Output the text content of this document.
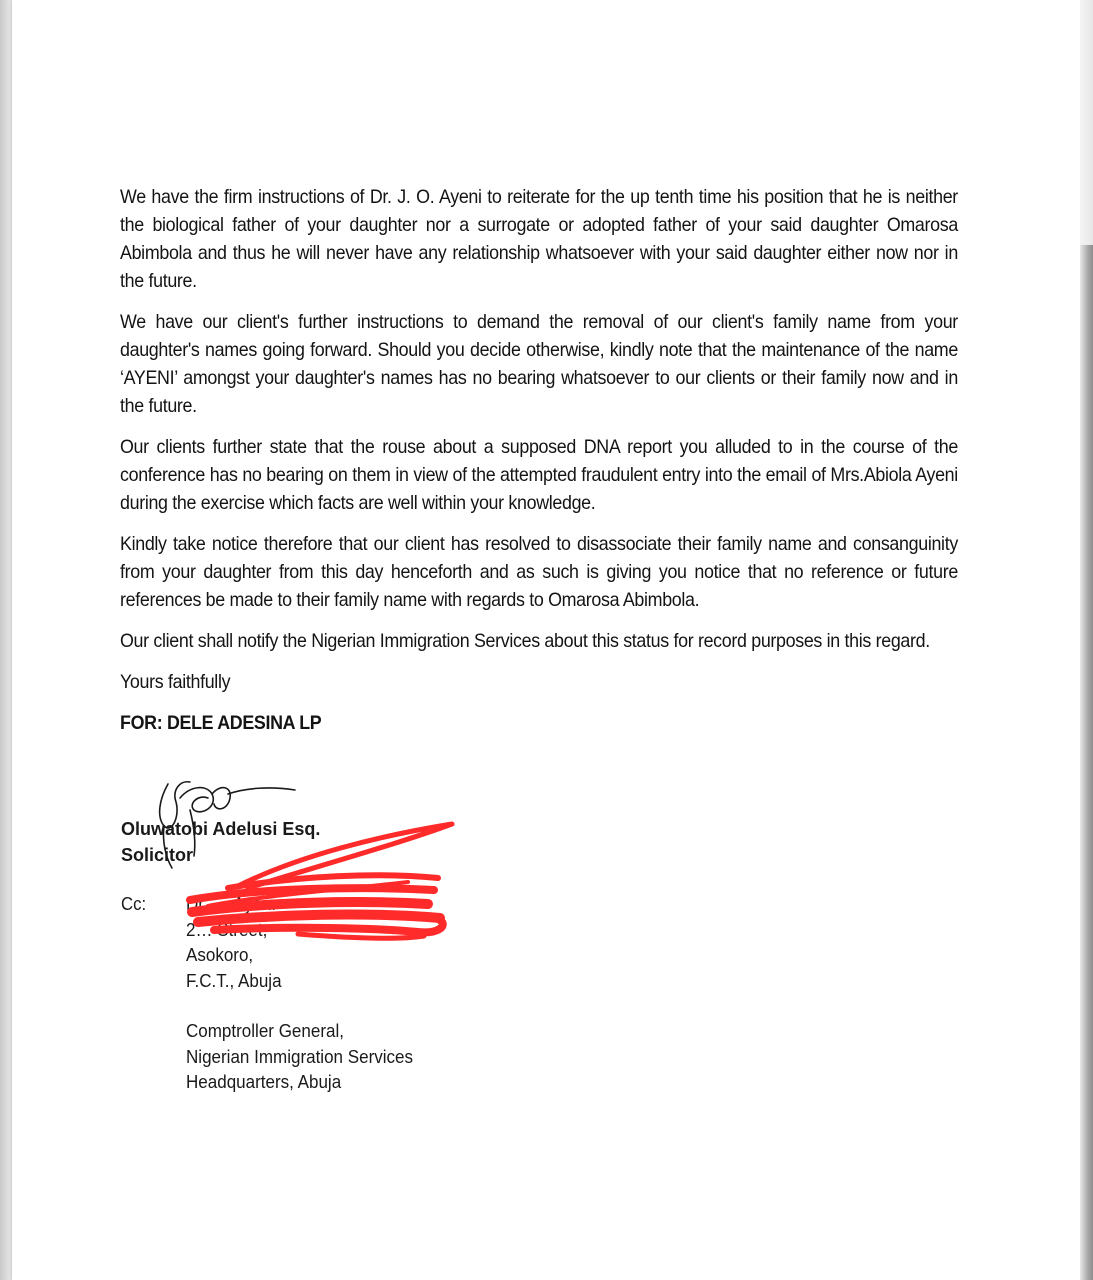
We have the firm instructions of Dr. J. O. Ayeni to reiterate for the up tenth time his position that he is neither the biological father of your daughter nor a surrogate or adopted father of your said daughter Omarosa Abimbola and thus he will never have any relationship whatsoever with your said daughter either now nor in the future.

We have our client's further instructions to demand the removal of our client's family name from your daughter's names going forward. Should you decide otherwise, kindly note that the maintenance of the name ‘AYENI’ amongst your daughter's names has no bearing whatsoever to our clients or their family now and in the future.

Our clients further state that the rouse about a supposed DNA report you alluded to in the course of the conference has no bearing on them in view of the attempted fraudulent entry into the email of Mrs.Abiola Ayeni during the exercise which facts are well within your knowledge.

Kindly take notice therefore that our client has resolved to disassociate their family name and consanguinity from your daughter from this day henceforth and as such is giving you notice that no reference or future references be made to their family name with regards to Omarosa Abimbola.

Our client shall notify the Nigerian Immigration Services about this status for record purposes in this regard.

Yours faithfully

FOR: DELE ADESINA LP

Oluwatobi Adelusi Esq.
Solicitor
Cc: Dr. … Ayeni
2… Street,
Asokoro,
F.C.T., Abuja
Comptroller General,
Nigerian Immigration Services
Headquarters, Abuja
